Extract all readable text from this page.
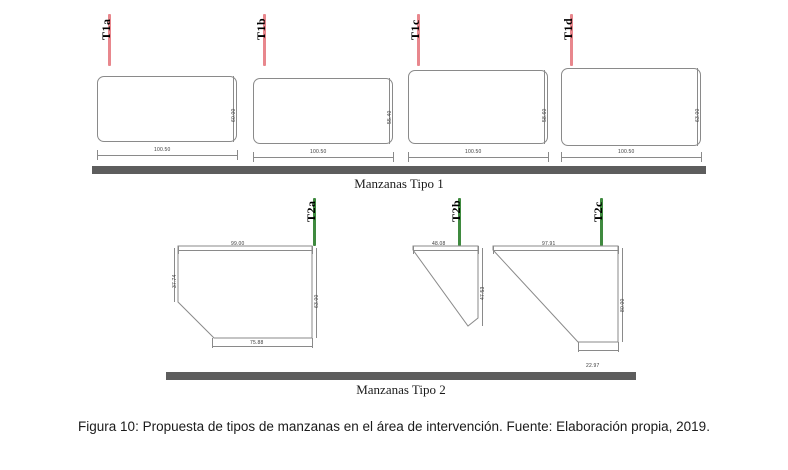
T1a
100.50
60.00
T1b
100.50
55.40
T1c
100.50
58.60
T1d
100.50
63.00
Manzanas Tipo 1
T2a
99.00
37.74
63.00
75.88
T2b
48.08
47.53
T2c
97.91
80.00
22.97
Manzanas Tipo 2
Figura 10: Propuesta de tipos de manzanas en el área de intervención. Fuente: Elaboración propia, 2019.
